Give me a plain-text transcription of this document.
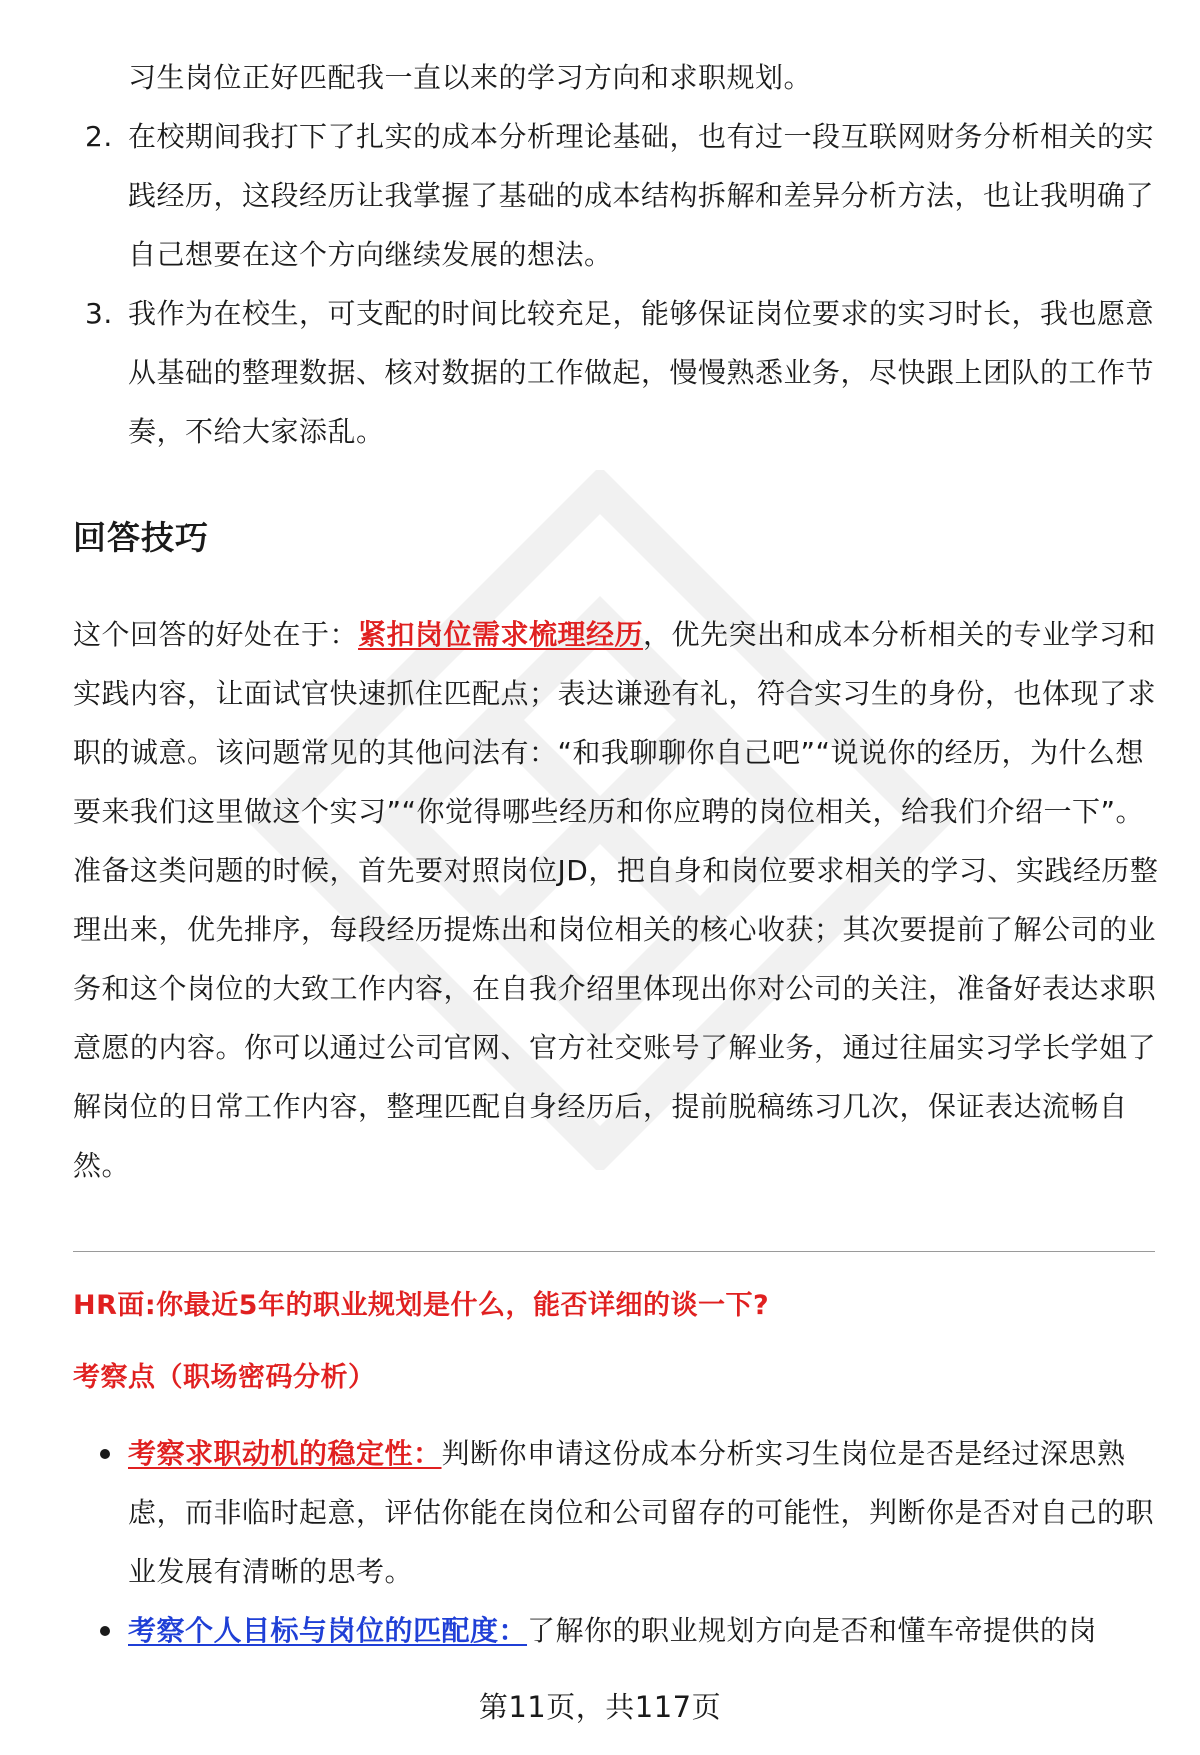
习生岗位正好匹配我一直以来的学习方向和求职规划。
2. 在校期间我打下了扎实的成本分析理论基础，也有过一段互联网财务分析相关的实践经历，这段经历让我掌握了基础的成本结构拆解和差异分析方法，也让我明确了自己想要在这个方向继续发展的想法。
3. 我作为在校生，可支配的时间比较充足，能够保证岗位要求的实习时长，我也愿意从基础的整理数据、核对数据的工作做起，慢慢熟悉业务，尽快跟上团队的工作节奏，不给大家添乱。
回答技巧
这个回答的好处在于：紧扣岗位需求梳理经历，优先突出和成本分析相关的专业学习和实践内容，让面试官快速抓住匹配点；表达谦逊有礼，符合实习生的身份，也体现了求职的诚意。该问题常见的其他问法有：“和我聊聊你自己吧”“说说你的经历，为什么想要来我们这里做这个实习”“你觉得哪些经历和你应聘的岗位相关，给我们介绍一下”。准备这类问题的时候，首先要对照岗位JD，把自身和岗位要求相关的学习、实践经历整理出来，优先排序，每段经历提炼出和岗位相关的核心收获；其次要提前了解公司的业务和这个岗位的大致工作内容，在自我介绍里体现出你对公司的关注，准备好表达求职意愿的内容。你可以通过公司官网、官方社交账号了解业务，通过往届实习学长学姐了解岗位的日常工作内容，整理匹配自身经历后，提前脱稿练习几次，保证表达流畅自然。
HR面:你最近5年的职业规划是什么，能否详细的谈一下?
考察点（职场密码分析）
考察求职动机的稳定性：判断你申请这份成本分析实习生岗位是否是经过深思熟虑，而非临时起意，评估你能在岗位和公司留存的可能性，判断你是否对自己的职业发展有清晰的思考。
考察个人目标与岗位的匹配度：了解你的职业规划方向是否和懂车帝提供的岗
第11页，共117页
